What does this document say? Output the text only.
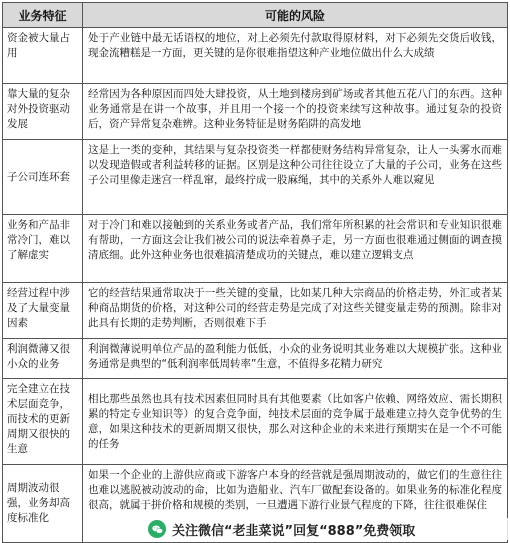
业务特征	可能的风险
资金被大量占用	处于产业链中最无话语权的地位，对上必须先付款取得原材料，对下必须先交货后收钱，现金流糟糕是一方面，更关键的是你很难指望这种产业地位做出什么大成绩
靠大量的复杂对外投资驱动发展	经常因为各种原因而四处大肆投资，从土地到楼房到矿场或者其他五花八门的东西。这种业务通常是在讲一个故事，并且用一个接一个的投资来续写这种故事。通过复杂的投资后，资产异常复杂难辨。这种业务特征是财务陷阱的高发地
子公司连环套	这是上一类的变种，其结果与复杂投资类一样都使财务结构异常复杂，让人一头雾水而难以发现造假或者利益转移的证据。区别是这种公司往往设立了大量的子公司，业务在这些子公司里像走迷宫一样乱窜，最终拧成一股麻绳，其中的关系外人难以窥见
业务和产品非常冷门，难以了解虚实	对于冷门和难以接触到的关系业务或者产品，我们常年所积累的社会常识和专业知识很难有帮助，一方面这会让我们被公司的说法牵着鼻子走，另一方面也很难通过侧面的调查摸清底细。此外这种业务也很难搞清楚成功的关键点，难以建立逻辑支点
经营过程中涉及了大量变量因素	它的经营结果通常取决于一些关键的变量，比如某几种大宗商品的价格走势，外汇或者某种商品期货的价格，对这种公司的经营走势是完成了对这些关键变量走势的预测。除非对此具有长期的走势判断，否则很难下手
利润微薄又很小众的业务	利润微薄说明单位产品的盈利能力低低，小众的业务说明其业务难以大规模扩张。这种业务通常是典型的“低利润率低周转率”生意，不值得多花精力研究
完全建立在技术层面竞争，而技术的更新周期又很快的生意	相比那些虽然也具有技术因素但同时具有其他要素（比如客户依赖、网络效应、需长期积累的特定专业知识等）的复合竞争面，纯技术层面的竞争属于最难建立持久竞争优势的生意，如果这种技术的更新周期又很快，那么对这种企业的未来进行预期实在是一个不可能的任务
周期波动很强，业务却高度标准化	如果一个企业的上游供应商或下游客户本身的经营就是强周期波动的，做它们的生意往往也难以逃脱被动波动的命，比如为造船业、汽车厂做配套设备的。如果业务的标准化程度很高，就属于拼价格和规模的类别，一旦遭遇下游行业景气程度的下降，往往很难保住
关注微信“老韭菜说”回复“888”免费领取
